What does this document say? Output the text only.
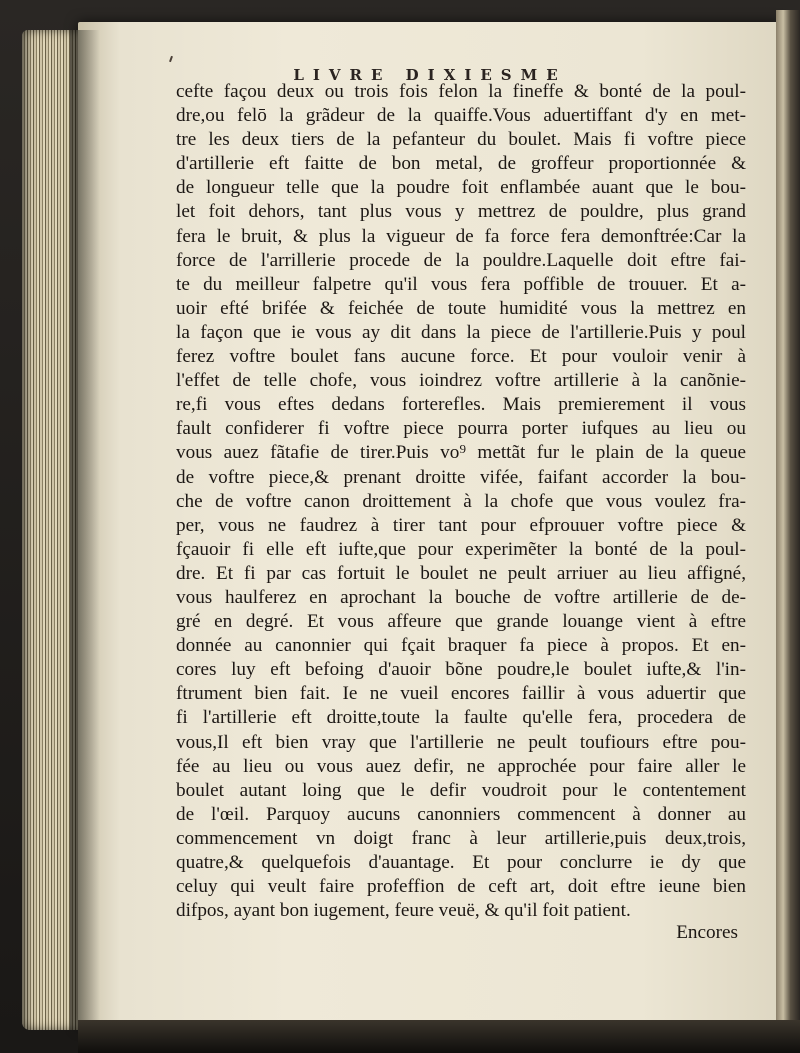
LIVRE DIXIESME
cefte façou deux ou trois fois felon la fineffe & bonté de la poul-
dre,ou felō la grãdeur de la quaiffe.Vous aduertiffant d'y en met-
tre les deux tiers de la pefanteur du boulet. Mais fi voftre piece
d'artillerie eft faitte de bon metal, de groffeur proportionnée &
de longueur telle que la poudre foit enflambée auant que le bou-
let foit dehors, tant plus vous y mettrez de pouldre, plus grand
fera le bruit, & plus la vigueur de fa force fera demonftrée:Car la
force de l'arrillerie procede de la pouldre.Laquelle doit eftre fai-
te du meilleur falpetre qu'il vous fera poffible de trouuer. Et a-
uoir efté brifée & feichée de toute humidité vous la mettrez en
la façon que ie vous ay dit dans la piece de l'artillerie.Puis y poul
ferez voftre boulet fans aucune force. Et pour vouloir venir à
l'effet de telle chofe, vous ioindrez voftre artillerie à la canõnie-
re,fi vous eftes dedans forterefles. Mais premierement il vous
fault confiderer fi voftre piece pourra porter iufques au lieu ou
vous auez fãtafie de tirer.Puis vo⁹ mettãt fur le plain de la queue
de voftre piece,& prenant droitte vifée, faifant accorder la bou-
che de voftre canon droittement à la chofe que vous voulez fra-
per, vous ne faudrez à tirer tant pour efprouuer voftre piece &
fçauoir fi elle eft iufte,que pour experimẽter la bonté de la poul-
dre. Et fi par cas fortuit le boulet ne peult arriuer au lieu affigné,
vous haulferez en aprochant la bouche de voftre artillerie de de-
gré en degré. Et vous affeure que grande louange vient à eftre
donnée au canonnier qui fçait braquer fa piece à propos. Et en-
cores luy eft befoing d'auoir bõne poudre,le boulet iufte,& l'in-
ftrument bien fait. Ie ne vueil encores faillir à vous aduertir que
fi l'artillerie eft droitte,toute la faulte qu'elle fera, procedera de
vous,Il eft bien vray que l'artillerie ne peult toufiours eftre pou-
fée au lieu ou vous auez defir, ne approchée pour faire aller le
boulet autant loing que le defir voudroit pour le contentement
de l'œil. Parquoy aucuns canonniers commencent à donner au
commencement vn doigt franc à leur artillerie,puis deux,trois,
quatre,& quelquefois d'auantage. Et pour conclurre ie dy que
celuy qui veult faire profeffion de ceft art, doit eftre ieune bien
difpos, ayant bon iugement, feure veuë, & qu'il foit patient.
Encores
